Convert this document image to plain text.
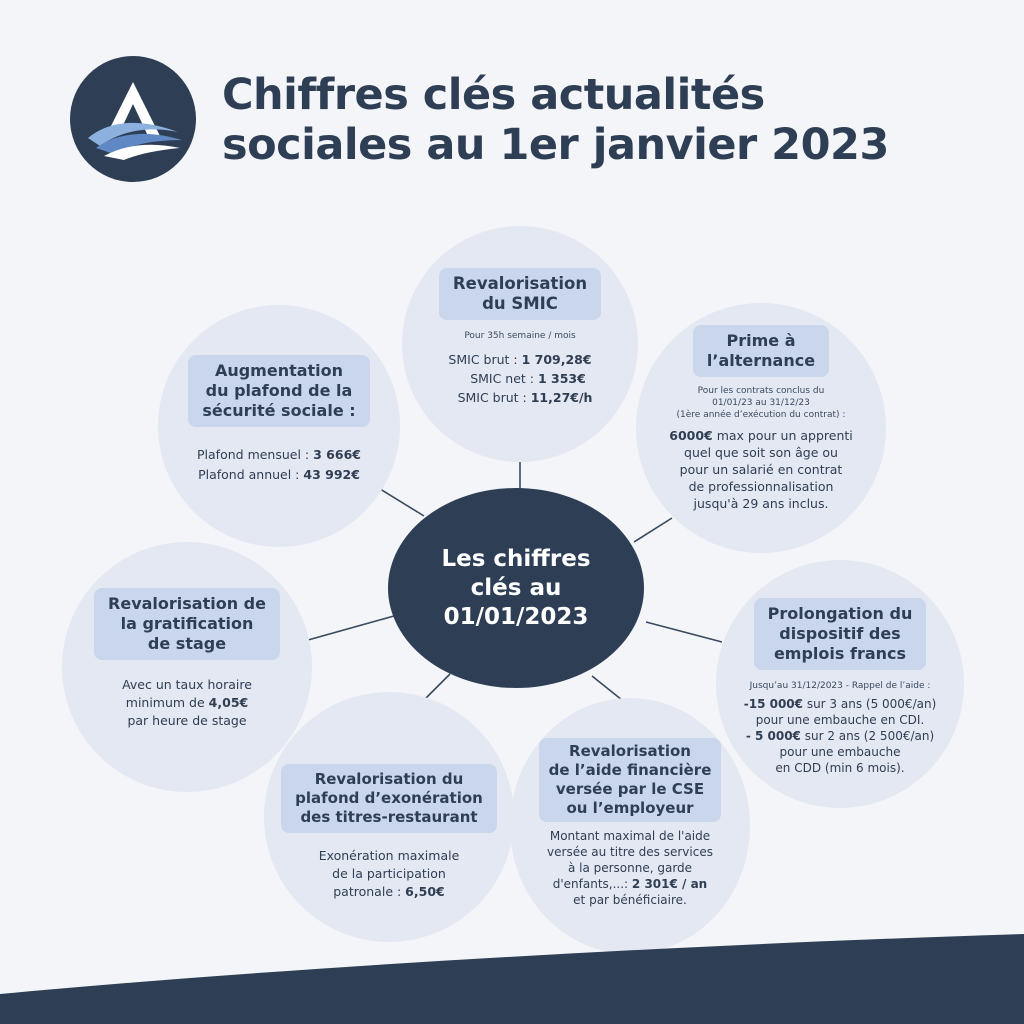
Chiffres clés actualités
sociales au 1er janvier 2023
Revalorisation
du SMIC
Pour 35h semaine / mois
SMIC brut : 1 709,28€
SMIC net : 1 353€
SMIC brut : 11,27€/h
Augmentation
du plafond de la
sécurité sociale :
Plafond mensuel : 3 666€
Plafond annuel : 43 992€
Prime à
l’alternance
Pour les contrats conclus du
01/01/23 au 31/12/23
(1ère année d’exécution du contrat) :
6000€ max pour un apprenti
quel que soit son âge ou
pour un salarié en contrat
de professionnalisation
jusqu'à 29 ans inclus.
Revalorisation de
la gratification
de stage
Avec un taux horaire
minimum de 4,05€
par heure de stage
Prolongation du
dispositif des
emplois francs
Jusqu’au 31/12/2023 - Rappel de l’aide :
-15 000€ sur 3 ans (5 000€/an)
pour une embauche en CDI.
- 5 000€ sur 2 ans (2 500€/an)
pour une embauche
en CDD (min 6 mois).
Revalorisation du
plafond d’exonération
des titres-restaurant
Exonération maximale
de la participation
patronale : 6,50€
Revalorisation
de l’aide financière
versée par le CSE
ou l’employeur
Montant maximal de l'aide
versée au titre des services
à la personne, garde
d'enfants,...: 2 301€ / an
et par bénéficiaire.
Les chiffres
clés au
01/01/2023
